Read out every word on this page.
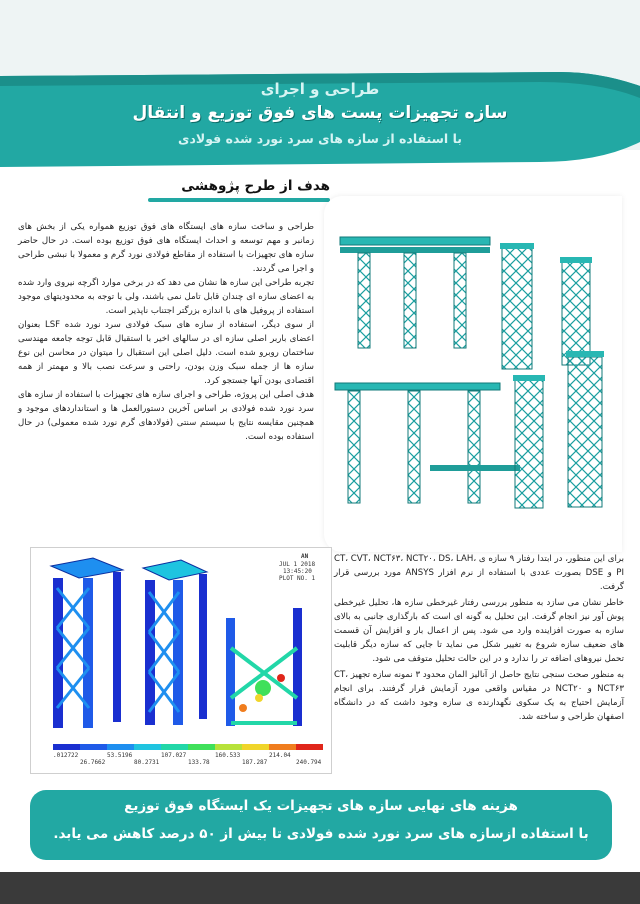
طراحی و اجرای
سازه تجهیزات پست های فوق توزیع و انتقال
با استفاده از سازه های سرد نورد شده فولادی
هدف از طرح پژوهشی

طراحی و ساخت سازه های ایستگاه های فوق توزیع همواره یکی از بخش های زمانبر و مهم توسعه و احداث ایستگاه های فوق توزیع بوده است. در حال حاضر سازه های تجهیزات با استفاده از مقاطع فولادی نورد گرم و معمولا با نبشی طراحی و اجرا می گردند.

تجربه طراحی این سازه ها نشان می دهد که در برخی موارد اگرچه نیروی وارد شده به اعضای سازه ای چندان قابل تامل نمی باشند، ولی با توجه به محدودیتهای موجود استفاده از پروفیل های با اندازه بزرگتر اجتناب ناپذیر است.

از سوی دیگر، استفاده از سازه های سبک فولادی سرد نورد شده LSF بعنوان اعضای باربر اصلی سازه ای در سالهای اخیر با استقبال قابل توجه جامعه مهندسی ساختمان روبرو شده است. دلیل اصلی این استقبال را میتوان در محاسن این نوع سازه ها از جمله سبک وزن بودن، راحتی و سرعت نصب بالا و مهمتر از همه اقتصادی بودن آنها جستجو کرد.

هدف اصلی این پروژه، طراحی و اجرای سازه های تجهیزات با استفاده از سازه های سرد نورد شده فولادی بر اساس آخرین دستورالعمل ها و استانداردهای موجود و همچنین مقایسه نتایج با سیستم سنتی (فولادهای گرم نورد شده معمولی) در حال استفاده بوده است.

AN
JUL 1 2018
13:45:20
PLOT NO. 1
.012722
26.7662
53.5196
80.2731
107.027
133.78
160.533
187.287
214.04
240.794

برای این منظور، در ابتدا رفتار ۹ سازه ی CT، CVT، NCT۶۳، NCT۲۰، DS، LAH، PI و DSE بصورت عددی با استفاده از نرم افزار ANSYS مورد بررسی قرار گرفت.

خاطر نشان می سازد به منظور بررسی رفتار غیرخطی سازه ها، تحلیل غیرخطی پوش آور نیز انجام گرفت. این تحلیل به گونه ای است که بارگذاری جانبی به بالای سازه به صورت افزاینده وارد می شود. پس از اعمال بار و افزایش آن قسمت های ضعیف سازه شروع به تغییر شکل می نماید تا جایی که سازه دیگر قابلیت تحمل نیروهای اضافه تر را ندارد و در این حالت تحلیل متوقف می شود.

به منظور صحت سنجی نتایج حاصل از آنالیز المان محدود ۳ نمونه سازه تجهیز CT، NCT۶۳ و NCT۲۰ در مقیاس واقعی مورد آزمایش قرار گرفتند. برای انجام آزمایش احتیاج به یک سکوی نگهدارنده ی سازه وجود داشت که در دانشگاه اصفهان طراحی و ساخته شد.

هزینه های نهایی سازه های تجهیزات یک ایستگاه فوق توزیع
با استفاده ازسازه های سرد نورد شده فولادی تا بیش از ۵۰ درصد کاهش می یابد.
